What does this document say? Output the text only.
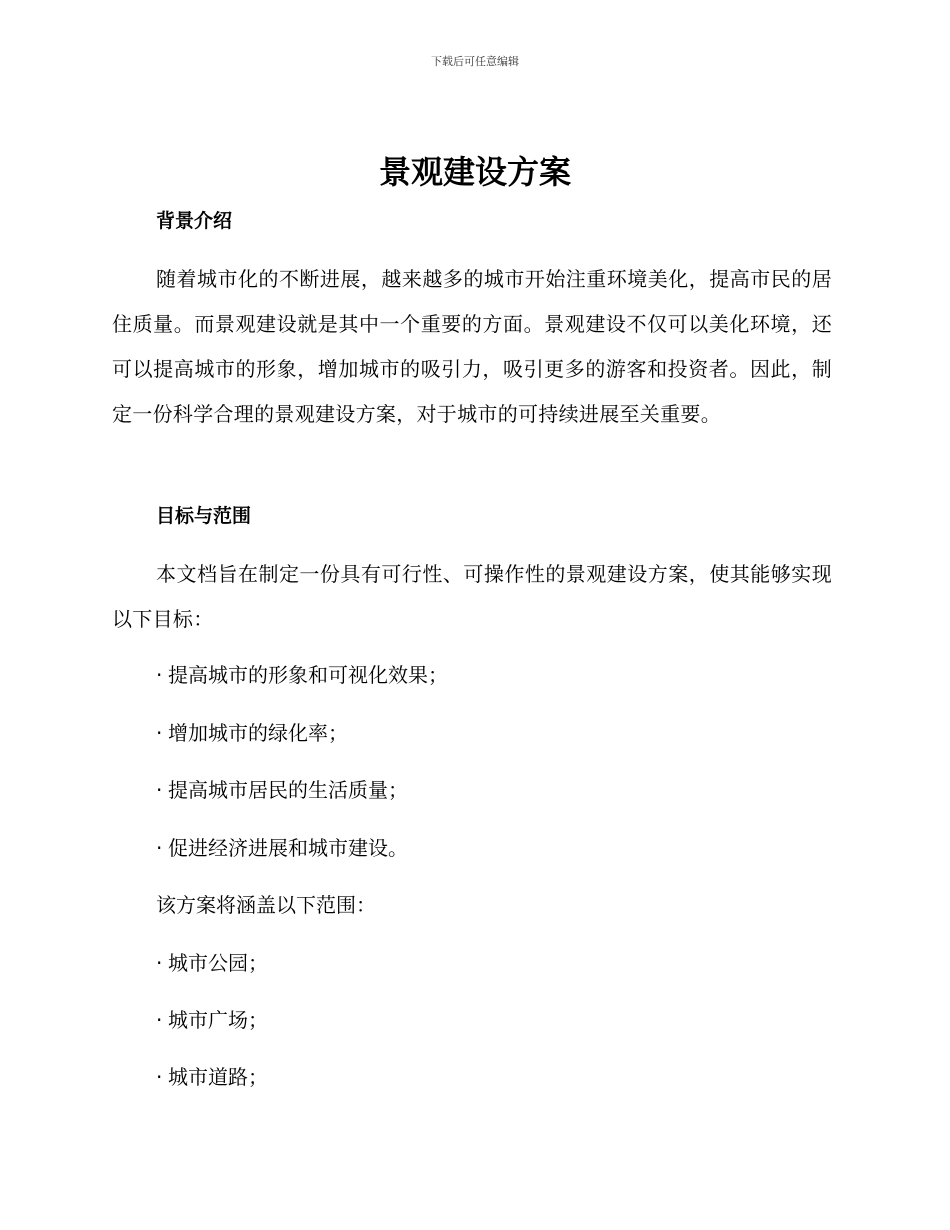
下载后可任意编辑
景观建设方案
背景介绍

随着城市化的不断进展，越来越多的城市开始注重环境美化，提高市民的居住质量。而景观建设就是其中一个重要的方面。景观建设不仅可以美化环境，还可以提高城市的形象，增加城市的吸引力，吸引更多的游客和投资者。因此，制定一份科学合理的景观建设方案，对于城市的可持续进展至关重要。

目标与范围

本文档旨在制定一份具有可行性、可操作性的景观建设方案，使其能够实现以下目标：

· 提高城市的形象和可视化效果；
· 增加城市的绿化率；
· 提高城市居民的生活质量；
· 促进经济进展和城市建设。

该方案将涵盖以下范围：

· 城市公园；
· 城市广场；
· 城市道路；
